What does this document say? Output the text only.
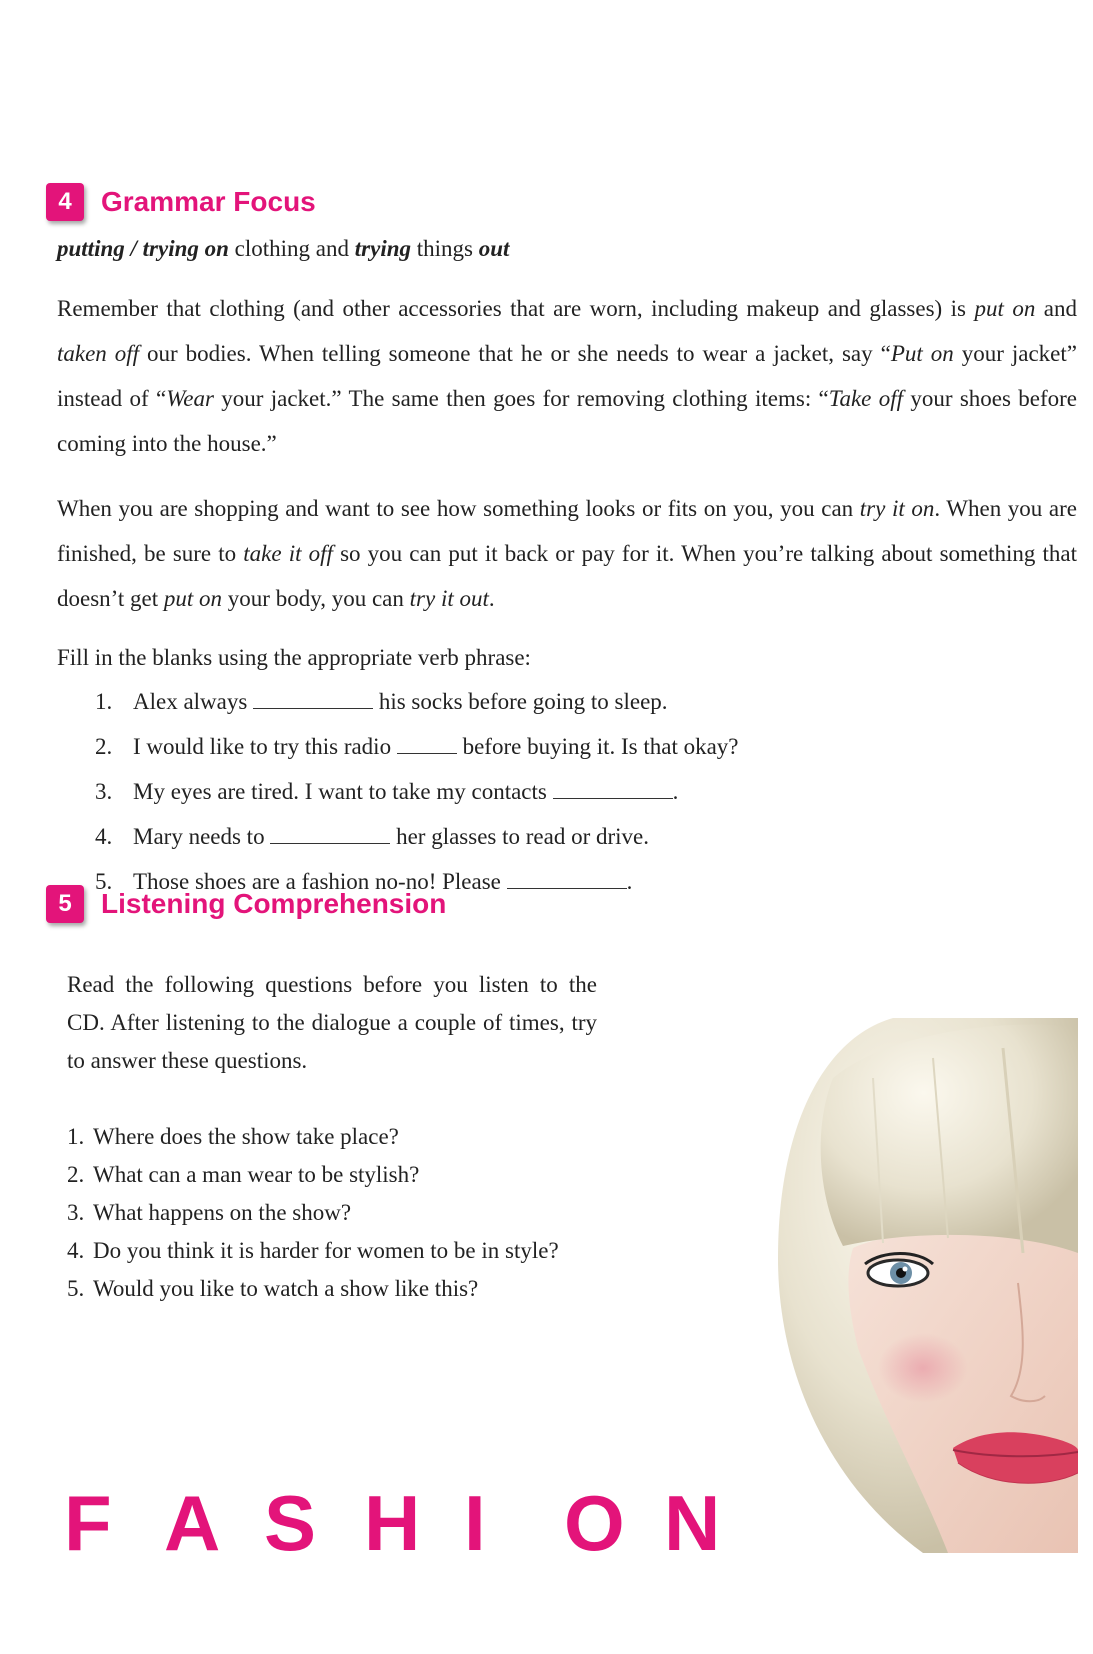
4	Grammar Focus

putting / trying on clothing and trying things out

Remember that clothing (and other accessories that are worn, including makeup and glasses) is put on and taken off our bodies. When telling someone that he or she needs to wear a jacket, say “Put on your jacket” instead of “Wear your jacket.” The same then goes for removing clothing items: “Take off your shoes before coming into the house.”

When you are shopping and want to see how something looks or fits on you, you can try it on. When you are finished, be sure to take it off so you can put it back or pay for it. When you’re talking about something that doesn’t get put on your body, you can try it out.

Fill in the blanks using the appropriate verb phrase:

1. Alex always	his socks before going to sleep.
2. I would like to try this radio	before buying it. Is that okay?
3. My eyes are tired. I want to take my contacts	.
4. Mary needs to	her glasses to read or drive.
5. Those shoes are a fashion no-no! Please	.
5	Listening Comprehension

Read the following questions before you listen to the CD. After listening to the dialogue a couple of times, try to answer these questions.

1. Where does the show take place?
2. What can a man wear to be stylish?
3. What happens on the show?
4. Do you think it is harder for women to be in style?
5. Would you like to watch a show like this?
F A S H I	O N
